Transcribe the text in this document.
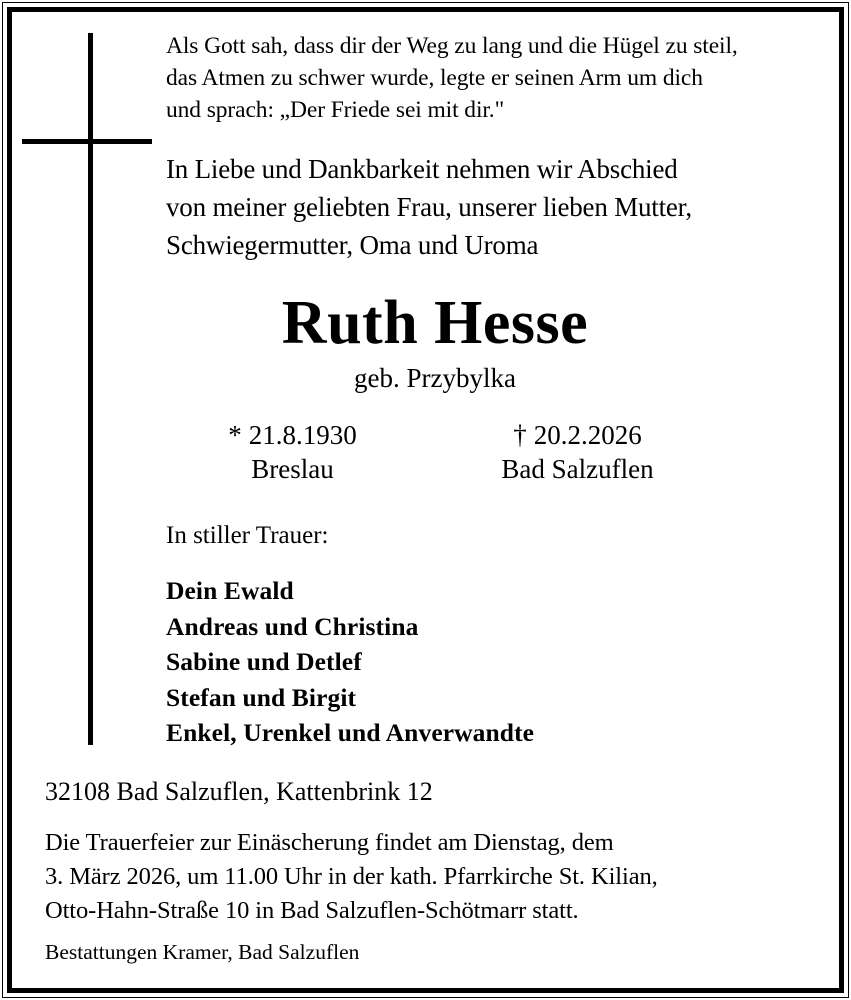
Als Gott sah, dass dir der Weg zu lang und die Hügel zu steil,
das Atmen zu schwer wurde, legte er seinen Arm um dich
und sprach: „Der Friede sei mit dir."
In Liebe und Dankbarkeit nehmen wir Abschied
von meiner geliebten Frau, unserer lieben Mutter,
Schwiegermutter, Oma und Uroma
Ruth Hesse
geb. Przybylka
* 21.8.1930
Breslau
† 20.2.2026
Bad Salzuflen
In stiller Trauer:
Dein Ewald
Andreas und Christina
Sabine und Detlef
Stefan und Birgit
Enkel, Urenkel und Anverwandte
32108 Bad Salzuflen, Kattenbrink 12
Die Trauerfeier zur Einäscherung findet am Dienstag, dem
3. März 2026, um 11.00 Uhr in der kath. Pfarrkirche St. Kilian,
Otto-Hahn-Straße 10 in Bad Salzuflen-Schötmarr statt.
Bestattungen Kramer, Bad Salzuflen
